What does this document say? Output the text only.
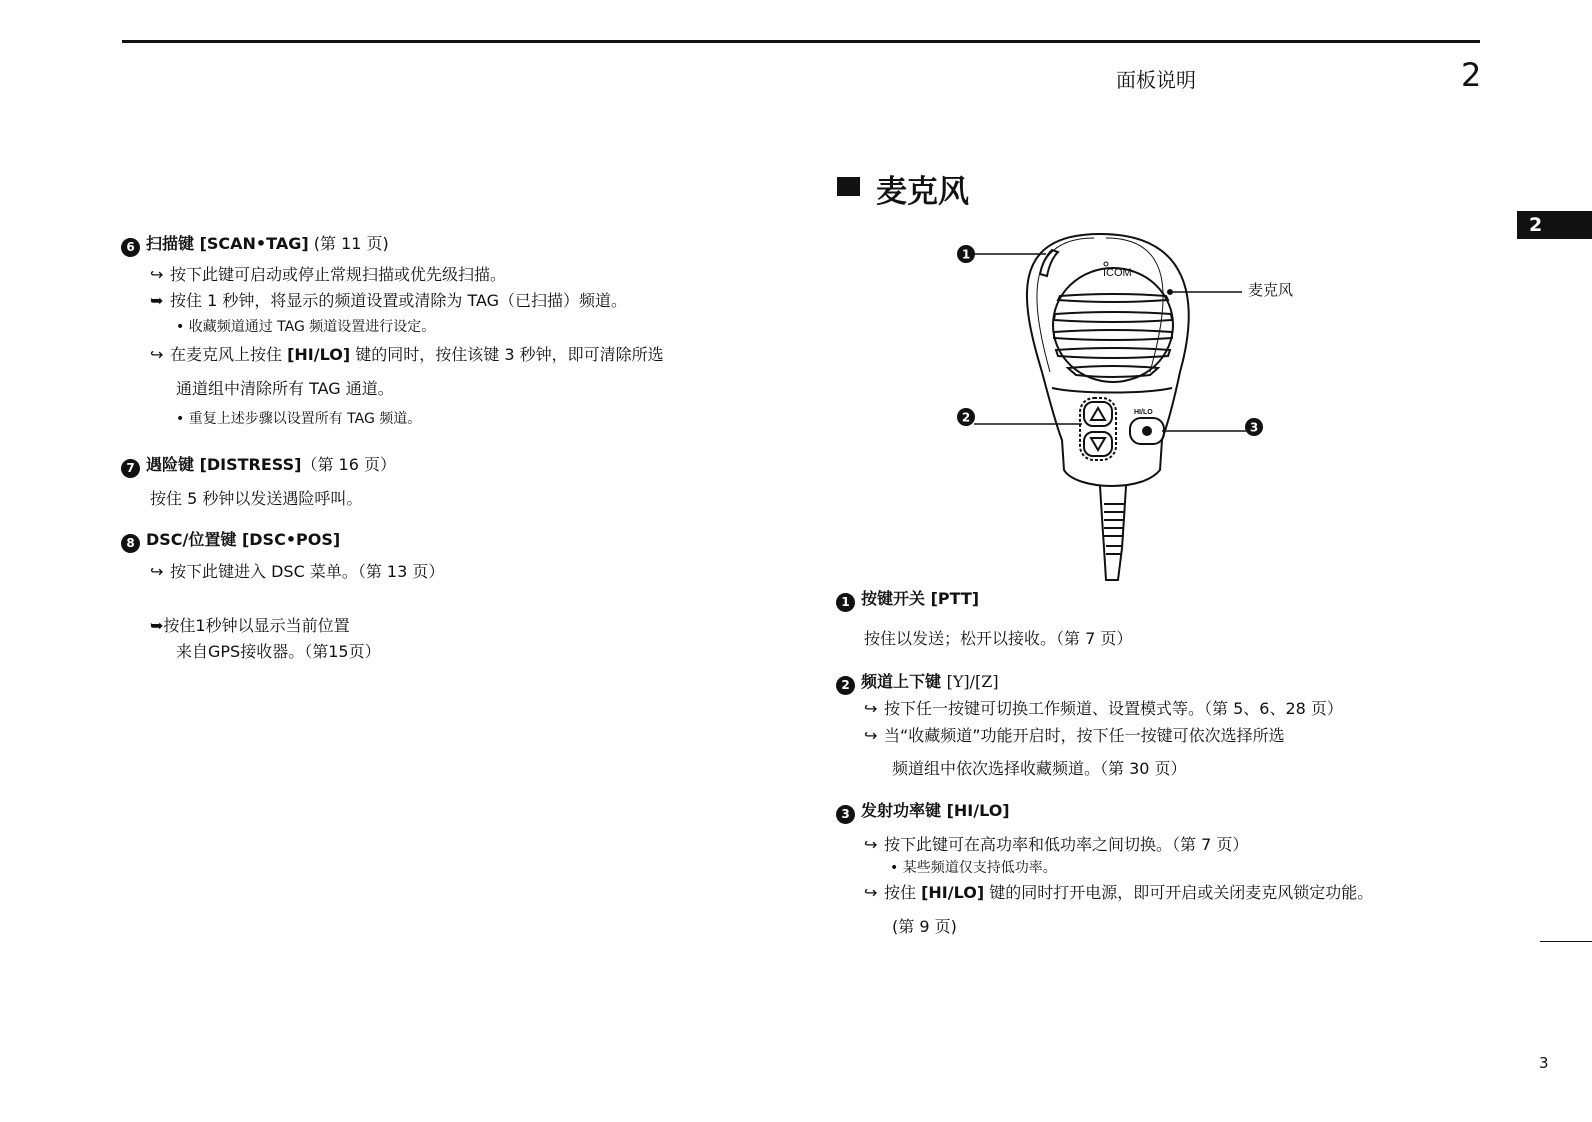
面板说明	2
2
3
6 扫描键 [SCAN•TAG] (第 11 页)
↪ 按下此键可启动或停止常规扫描或优先级扫描。
➥ 按住 1 秒钟，将显示的频道设置或清除为 TAG（已扫描）频道。
• 收藏频道通过 TAG 频道设置进行设定。
↪ 在麦克风上按住 [HI/LO] 键的同时，按住该键 3 秒钟，即可清除所选
通道组中清除所有 TAG 通道。
• 重复上述步骤以设置所有 TAG 频道。
7 遇险键 [DISTRESS]（第 16 页）
按住 5 秒钟以发送遇险呼叫。
8 DSC/位置键 [DSC•POS]
↪ 按下此键进入 DSC 菜单。（第 13 页）
➥按住1秒钟以显示当前位置
来自GPS接收器。（第15页）
麦克风
ICOM
HI/LO
1
2
3
麦克风
1 按键开关 [PTT]
按住以发送；松开以接收。（第 7 页）
2 频道上下键 [Y]/[Z]
↪ 按下任一按键可切换工作频道、设置模式等。（第 5、6、28 页）
↪ 当“收藏频道”功能开启时，按下任一按键可依次选择所选
频道组中依次选择收藏频道。（第 30 页）
3 发射功率键 [HI/LO]
↪ 按下此键可在高功率和低功率之间切换。（第 7 页）
• 某些频道仅支持低功率。
↪ 按住 [HI/LO] 键的同时打开电源，即可开启或关闭麦克风锁定功能。
(第 9 页)
